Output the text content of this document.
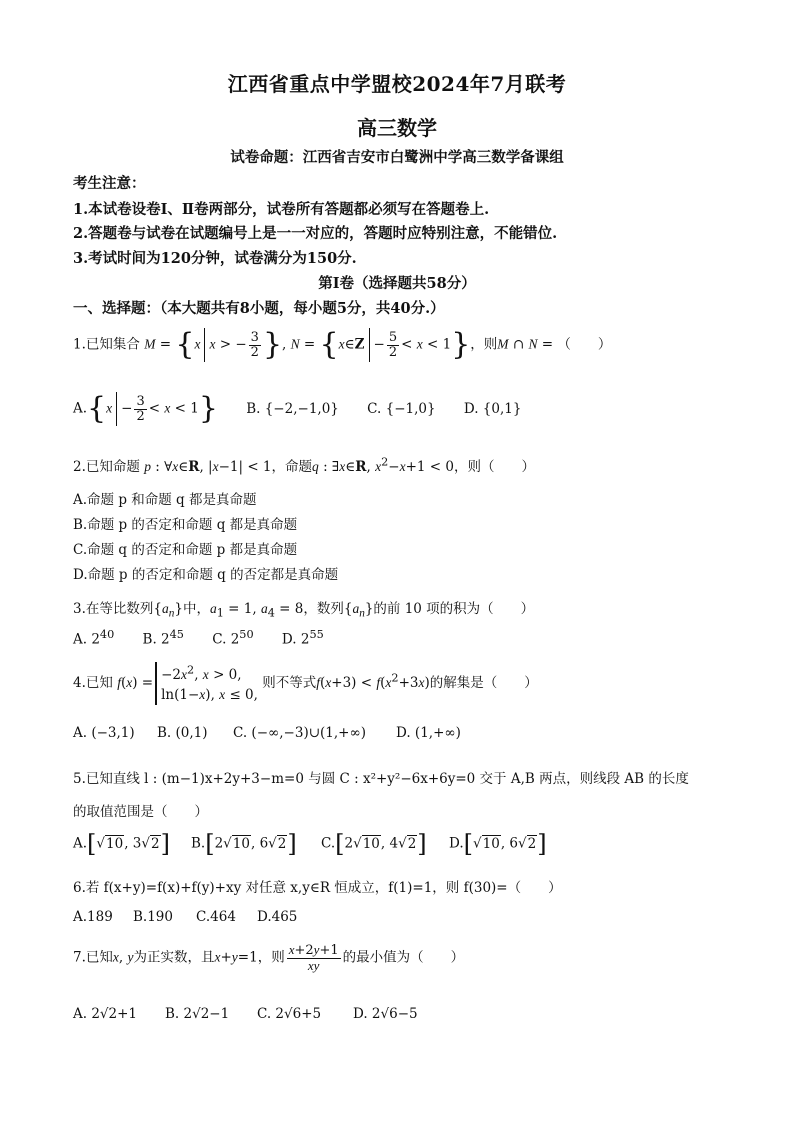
江西省重点中学盟校2024年7月联考
高三数学
试卷命题：江西省吉安市白鹭洲中学高三数学备课组
考生注意：
1.本试卷设卷Ⅰ、Ⅱ卷两部分，试卷所有答题都必须写在答题卷上.
2.答题卷与试卷在试题编号上是一一对应的，答题时应特别注意，不能错位.
3.考试时间为120分钟，试卷满分为150分.
第Ⅰ卷（选择题共58分）
一、选择题：（本大题共有8小题，每小题5分，共40分.）
1.已知集合 M = {x x > − $\frac{3}{2}$ }, N = {x∈Z − $\frac{5}{2} < x < 1$}，则M ∩ N = （　　）
$A.\{x - \frac{3}{2} < x < 1\}$ B. {−2,−1,0} C. {−1,0} D. {0,1}
2.已知命题 p : ∀x∈R, |x−1| < 1，命题q : ∃x∈R, $x^2-x+1 < 0$，则（　　）
A.命题 p 和命题 q 都是真命题
B.命题 p 的否定和命题 q 都是真命题
C.命题 q 的否定和命题 p 都是真命题
D.命题 p 的否定和命题 q 的否定都是真命题
3.在等比数列$\{a_n\}$中，$a_1 = 1$, $a_4 = 8$，数列$\{a_n\}$的前 10 项的积为（　　）
A. $2^{40}$ B. $2^{45}$ C. $2^{50}$ D. $2^{55}$
4.已知 $f(x) =-2x^2$, x > 0,
ln(1−x), x ≤ 0, 则不等式$f(x+3) < f(x^2+3x)$的解集是（　　）
A. (−3,1) B. (0,1) C. (−∞,−3)∪(1,+∞) D. (1,+∞)
5.已知直线 l : (m−1)x+2y+3−m=0 与圆 C : x²+y²−6x+6y=0 交于 A,B 两点，则线段 AB 的长度
的取值范围是（　　）
A.[√10, 3√2] B.[2√10, 6√2] C.[2√10, 4√2] D.[√10, 6√2]
6.若 f(x+y)=f(x)+f(y)+xy 对任意 x,y∈R 恒成立，f(1)=1，则 f(30)=（　　）
A.189 B.190 C.464 D.465
7.已知x, y为正实数，且x+y=1，则 $\frac{x+2y+1}{xy}$ 的最小值为（　　）
A. 2√2+1 B. 2√2−1 C. 2√6+5 D. 2√6−5
